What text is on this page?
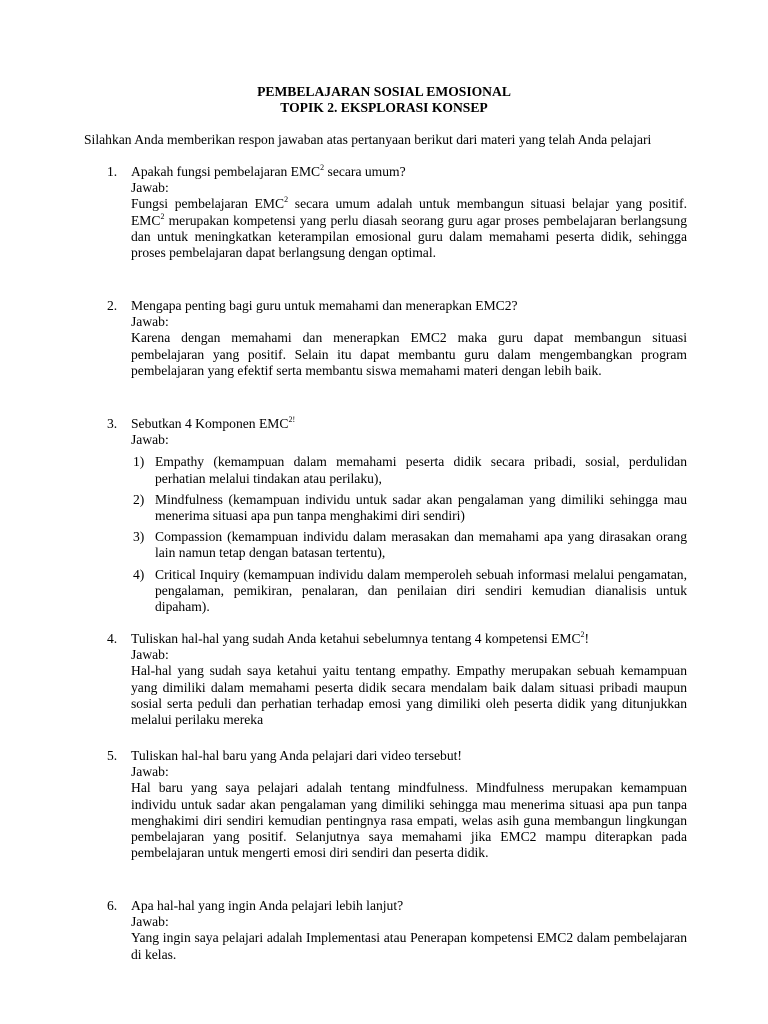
PEMBELAJARAN SOSIAL EMOSIONAL
TOPIK 2. EKSPLORASI KONSEP
Silahkan Anda memberikan respon jawaban atas pertanyaan berikut dari materi yang telah Anda pelajari
1. Apakah fungsi pembelajaran EMC$^2$ secara umum?
Jawab:
Fungsi pembelajaran EMC$^2$ secara umum adalah untuk membangun situasi belajar yang positif. EMC$^2$ merupakan kompetensi yang perlu diasah seorang guru agar proses pembelajaran berlangsung dan untuk meningkatkan keterampilan emosional guru dalam memahami peserta didik, sehingga proses pembelajaran dapat berlangsung dengan optimal.
2. Mengapa penting bagi guru untuk memahami dan menerapkan EMC2?
Jawab:
Karena dengan memahami dan menerapkan EMC2 maka guru dapat membangun situasi pembelajaran yang positif. Selain itu dapat membantu guru dalam mengembangkan program pembelajaran yang efektif serta membantu siswa memahami materi dengan lebih baik.
3. Sebutkan 4 Komponen $EMC^{2!}$
Jawab:
1) Empathy (kemampuan dalam memahami peserta didik secara pribadi, sosial, perdulidan perhatian melalui tindakan atau perilaku),
2) Mindfulness (kemampuan individu untuk sadar akan pengalaman yang dimiliki sehingga mau menerima situasi apa pun tanpa menghakimi diri sendiri)
3) Compassion (kemampuan individu dalam merasakan dan memahami apa yang dirasakan orang lain namun tetap dengan batasan tertentu),
4) Critical Inquiry (kemampuan individu dalam memperoleh sebuah informasi melalui pengamatan, pengalaman, pemikiran, penalaran, dan penilaian diri sendiri kemudian dianalisis untuk dipaham).
4. Tuliskan hal-hal yang sudah Anda ketahui sebelumnya tentang 4 kompetensi EMC$^2$!
Jawab:
Hal-hal yang sudah saya ketahui yaitu tentang empathy. Empathy merupakan sebuah kemampuan yang dimiliki dalam memahami peserta didik secara mendalam baik dalam situasi pribadi maupun sosial serta peduli dan perhatian terhadap emosi yang dimiliki oleh peserta didik yang ditunjukkan melalui perilaku mereka
5. Tuliskan hal-hal baru yang Anda pelajari dari video tersebut!
Jawab:
Hal baru yang saya pelajari adalah tentang mindfulness. Mindfulness merupakan kemampuan individu untuk sadar akan pengalaman yang dimiliki sehingga mau menerima situasi apa pun tanpa menghakimi diri sendiri kemudian pentingnya rasa empati, welas asih guna membangun lingkungan pembelajaran yang positif. Selanjutnya saya memahami jika EMC2 mampu diterapkan pada pembelajaran untuk mengerti emosi diri sendiri dan peserta didik.
6. Apa hal-hal yang ingin Anda pelajari lebih lanjut?
Jawab:
Yang ingin saya pelajari adalah Implementasi atau Penerapan kompetensi EMC2 dalam pembelajaran di kelas.
